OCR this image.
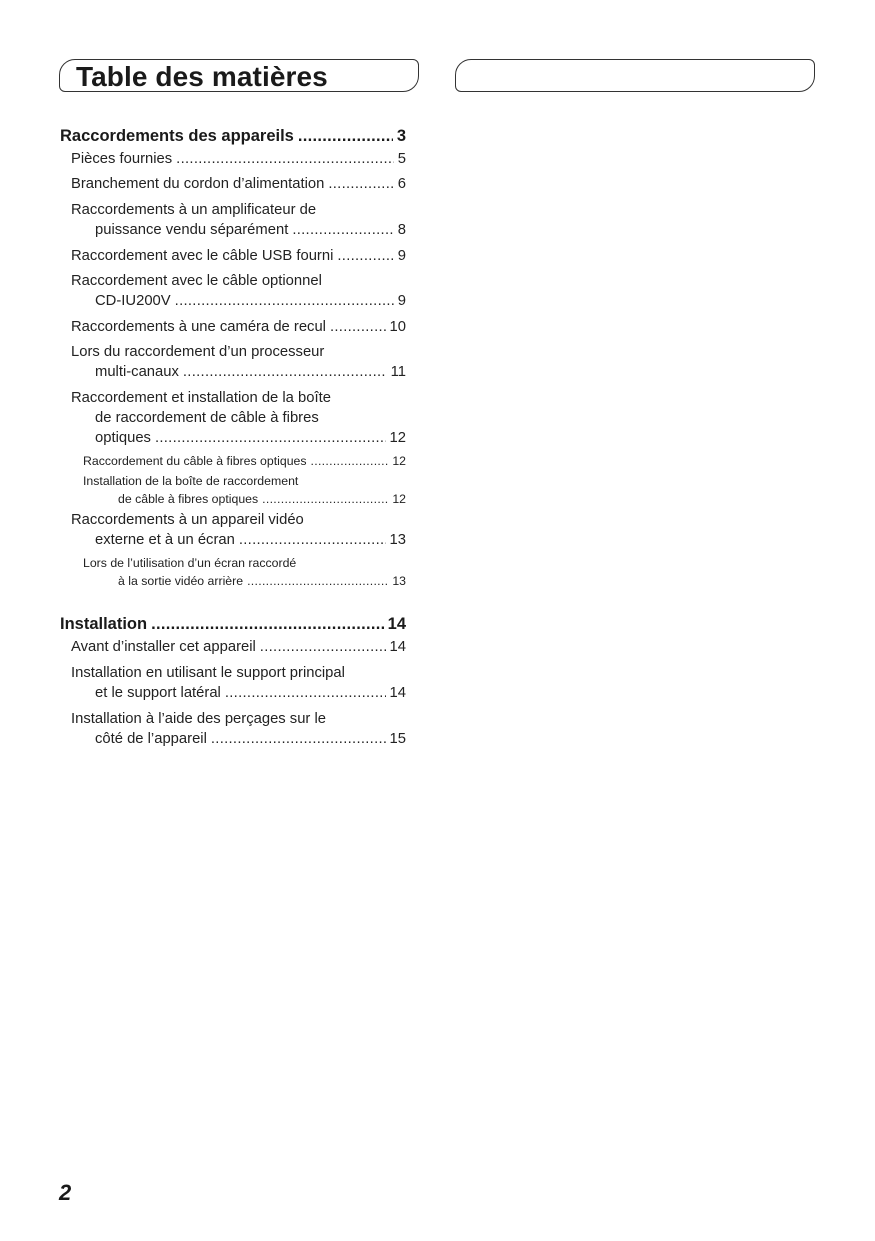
Table des matières
Raccordements des appareils .....	3
Pièces fournies .....	5
Branchement du cordon d’alimentation .....	6
Raccordements à un amplificateur de
puissance vendu séparément .....	8
Raccordement avec le câble USB fourni .....	9
Raccordement avec le câble optionnel
CD-IU200V .....	9
Raccordements à une caméra de recul .....	10
Lors du raccordement d’un processeur
multi-canaux .....	11
Raccordement et installation de la boîte
de raccordement de câble à fibres
optiques .....	12
Raccordement du câble à fibres optiques .....	12
Installation de la boîte de raccordement
de câble à fibres optiques .....	12
Raccordements à un appareil vidéo
externe et à un écran .....	13
Lors de l’utilisation d’un écran raccordé
à la sortie vidéo arrière .....	13
Installation .....	14
Avant d’installer cet appareil .....	14
Installation en utilisant le support principal
et le support latéral .....	14
Installation à l’aide des perçages sur le
côté de l’appareil .....	15
2
